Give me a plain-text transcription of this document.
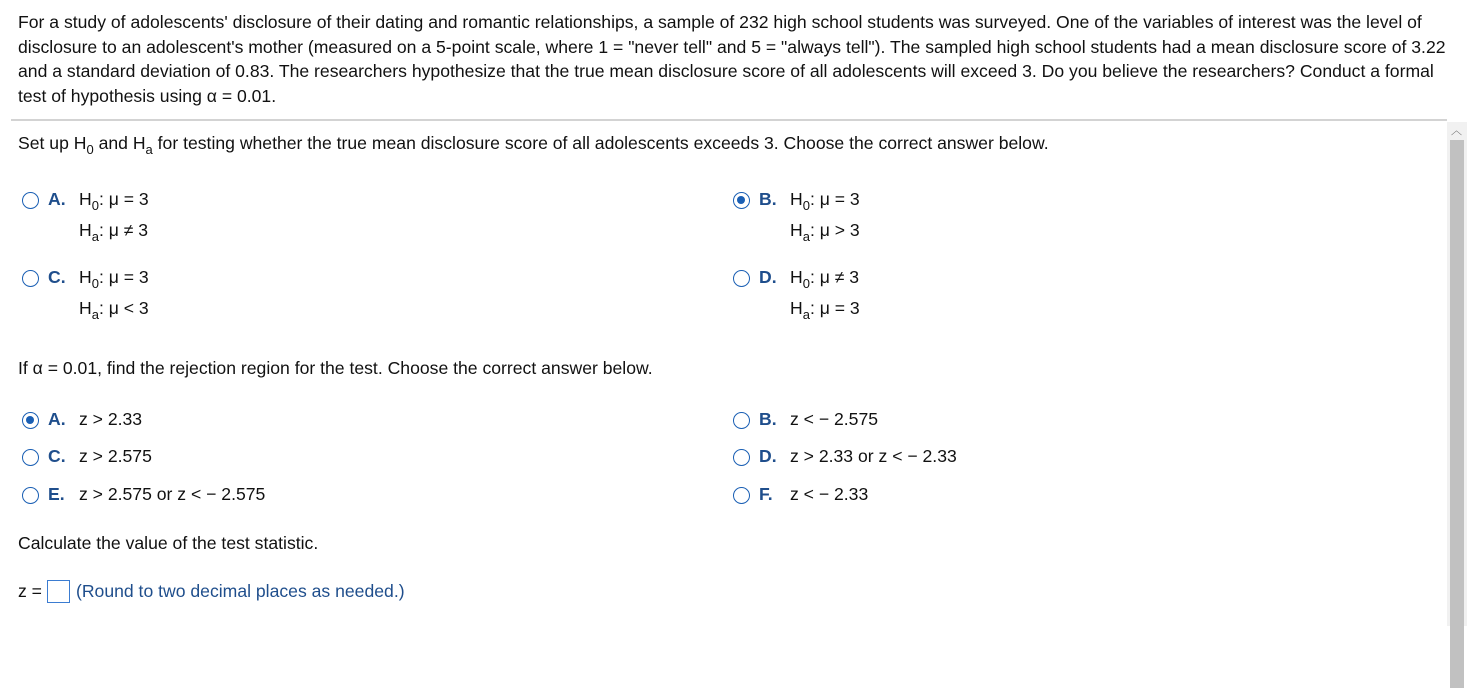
For a study of adolescents' disclosure of their dating and romantic relationships, a sample of 232 high school students was surveyed. One of the variables of interest was the level of disclosure to an adolescent's mother (measured on a 5-point scale, where 1 = "never tell" and 5 = "always tell"). The sampled high school students had a mean disclosure score of 3.22 and a standard deviation of 0.83. The researchers hypothesize that the true mean disclosure score of all adolescents will exceed 3. Do you believe the researchers? Conduct a formal test of hypothesis using α = 0.01.
︿
Set up $H_0$ and $H_a$ for testing whether the true mean disclosure score of all adolescents exceeds 3. Choose the correct answer below.
A. $H_0$: μ = 3
$H_a$: μ ≠ 3
B. $H_0$: μ = 3
$H_a$: μ > 3
C. $H_0$: μ = 3
$H_a$: μ < 3
D. $H_0$: μ ≠ 3
$H_a$: μ = 3
If α = 0.01, find the rejection region for the test. Choose the correct answer below.
A. z > 2.33	B. z < − 2.575
C. z > 2.575	D. z > 2.33 or z < − 2.33
E. z > 2.575 or z < − 2.575	F. z < − 2.33
Calculate the value of the test statistic.
z = (Round to two decimal places as needed.)
